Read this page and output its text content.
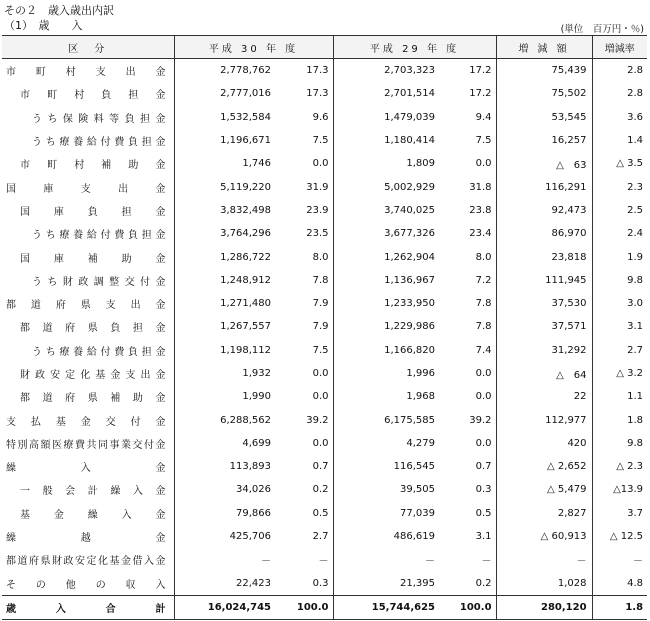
その２　歳入歳出内訳
（1）　歳　　入	(単位　百万円・％)
区　分	平成 30 年 度		平成 29 年 度		増 減 額	増減率

市町村支出金	2,778,762	17.3	2,703,323	17.2	75,439	2.8

市町村負担金	2,777,016	17.3	2,701,514	17.2	75,502	2.8

うち保険料等負担金	1,532,584	9.6	1,479,039	9.4	53,545	3.6

うち療養給付費負担金	1,196,671	7.5	1,180,414	7.5	16,257	1.4

市町村補助金	1,746	0.0	1,809	0.0	△　63	△ 3.5

国庫支出金	5,119,220	31.9	5,002,929	31.8	116,291	2.3

国庫負担金	3,832,498	23.9	3,740,025	23.8	92,473	2.5

うち療養給付費負担金	3,764,296	23.5	3,677,326	23.4	86,970	2.4

国庫補助金	1,286,722	8.0	1,262,904	8.0	23,818	1.9

うち財政調整交付金	1,248,912	7.8	1,136,967	7.2	111,945	9.8

都道府県支出金	1,271,480	7.9	1,233,950	7.8	37,530	3.0

都道府県負担金	1,267,557	7.9	1,229,986	7.8	37,571	3.1

うち療養給付費負担金	1,198,112	7.5	1,166,820	7.4	31,292	2.7

財政安定化基金支出金	1,932	0.0	1,996	0.0	△　64	△ 3.2

都道府県補助金	1,990	0.0	1,968	0.0	22	1.1

支払基金交付金	6,288,562	39.2	6,175,585	39.2	112,977	1.8

特別高額医療費共同事業交付金	4,699	0.0	4,279	0.0	420	9.8

繰入金	113,893	0.7	116,545	0.7	△ 2,652	△ 2.3

一般会計繰入金	34,026	0.2	39,505	0.3	△ 5,479	△13.9

基金繰入金	79,866	0.5	77,039	0.5	2,827	3.7

繰越金	425,706	2.7	486,619	3.1	△ 60,913	△ 12.5

都道府県財政安定化基金借入金	－	－	－	－	－	－

その他の収入	22,423	0.3	21,395	0.2	1,028	4.8

歳入合計	16,024,745	100.0	15,744,625	100.0	280,120	1.8
